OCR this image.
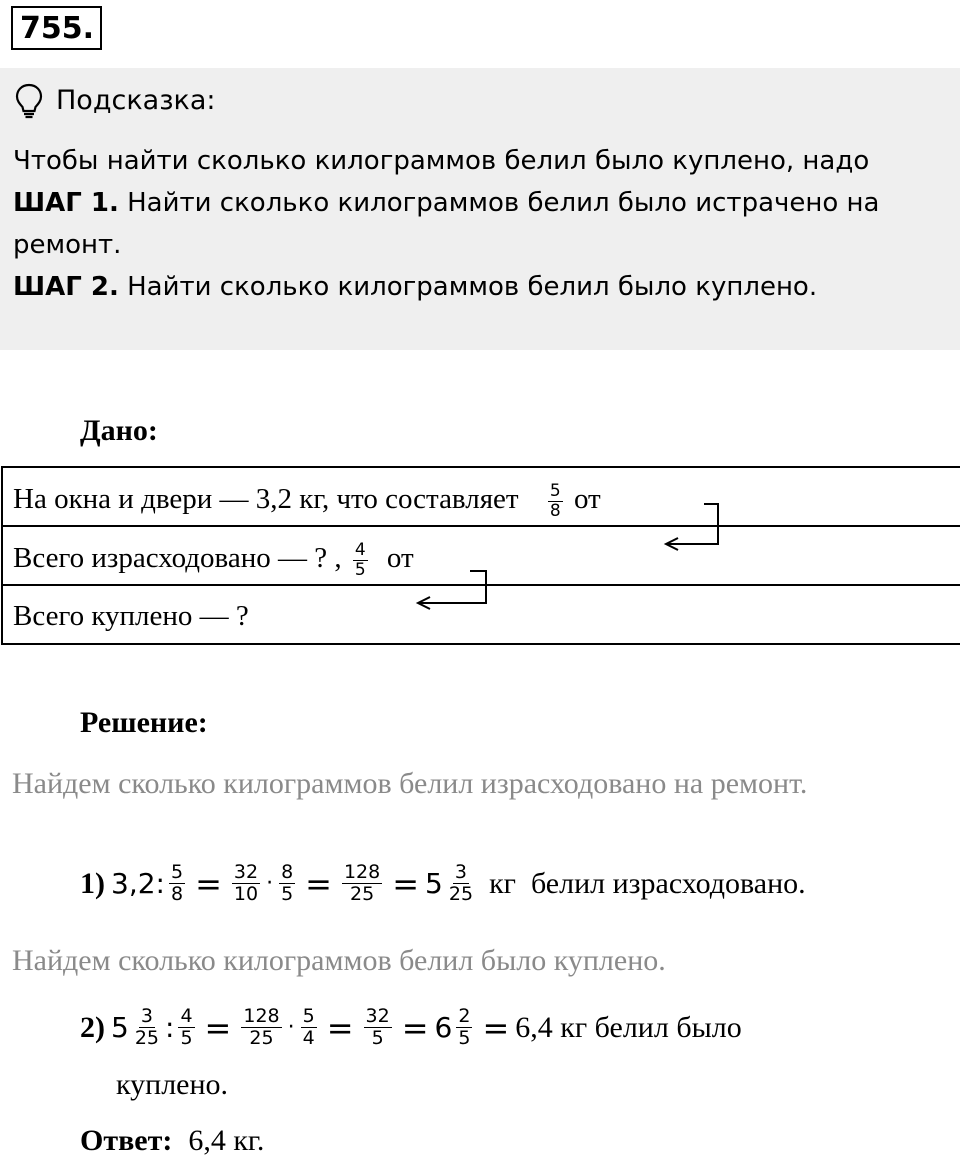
755.
Подсказка:

Чтобы найти сколько килограммов белил было куплено, надо

ШАГ 1. Найти сколько килограммов белил было истрачено на ремонт.

ШАГ 2. Найти сколько килограммов белил было куплено.

Дано:
На окна и двери — 3,2 кг, что составляет $\frac{5}{8}$ от
Всего израсходовано — ? , $\frac{4}{5}$ от
Всего куплено — ?
Решение:
Найдем сколько килограммов белил израсходовано на ремонт.
1) 3,2: $\frac{5}{8} = \frac{32}{10} \cdot \frac{8}{5} = \frac{128}{25} = 5 \frac{3}{25}$ кг  белил израсходовано.
Найдем сколько килограммов белил было куплено.
2) $5 \frac{3}{25}$ : $\frac{4}{5} = \frac{128}{25} \cdot \frac{5}{4} = \frac{32}{5} = 6 \frac{2}{5} = 6,4$ кг белил было
куплено.
Ответ: 6,4 кг.
